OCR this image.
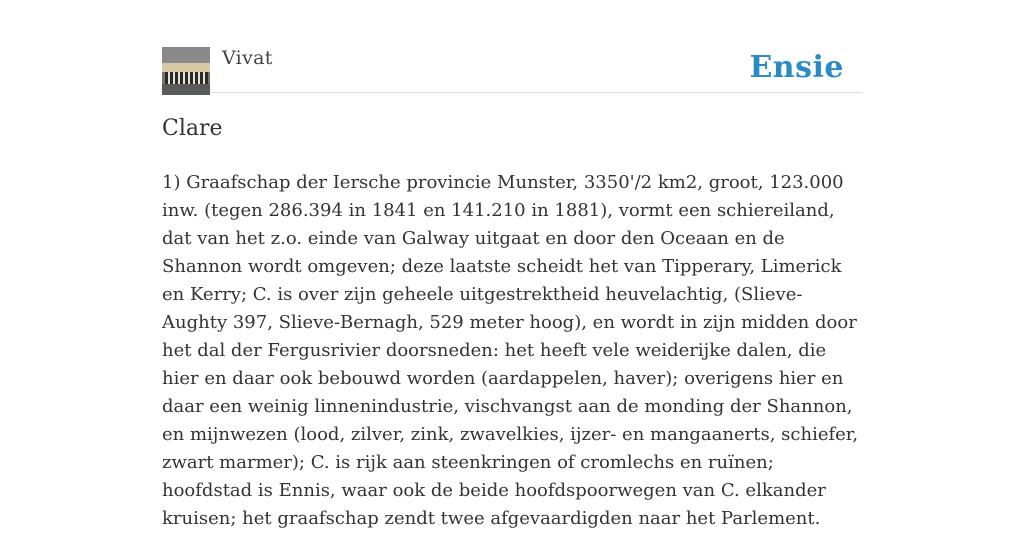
Vivat	Ensie
Clare

1) Graafschap der Iersche provincie Munster, 3350'/2 km2, groot, 123.000 inw. (tegen 286.394 in 1841 en 141.210 in 1881), vormt een schiereiland, dat van het z.o. einde van Galway uitgaat en door den Oceaan en de Shannon wordt omgeven; deze laatste scheidt het van Tipperary, Limerick en Kerry; C. is over zijn geheele uitgestrektheid heuvelachtig, (Slieve-Aughty 397, Slieve-Bernagh, 529 meter hoog), en wordt in zijn midden door het dal der Fergusrivier doorsneden: het heeft vele weiderijke dalen, die hier en daar ook bebouwd worden (aardappelen, haver); overigens hier en daar een weinig linnenindustrie, vischvangst aan de monding der Shannon, en mijnwezen (lood, zilver, zink, zwavelkies, ijzer- en mangaanerts, schiefer, zwart marmer); C. is rijk aan steenkringen of cromlechs en ruïnen; hoofdstad is Ennis, waar ook de beide hoofdspoorwegen van C. elkander kruisen; het graafschap zendt twee afgevaardigden naar het Parlement.
